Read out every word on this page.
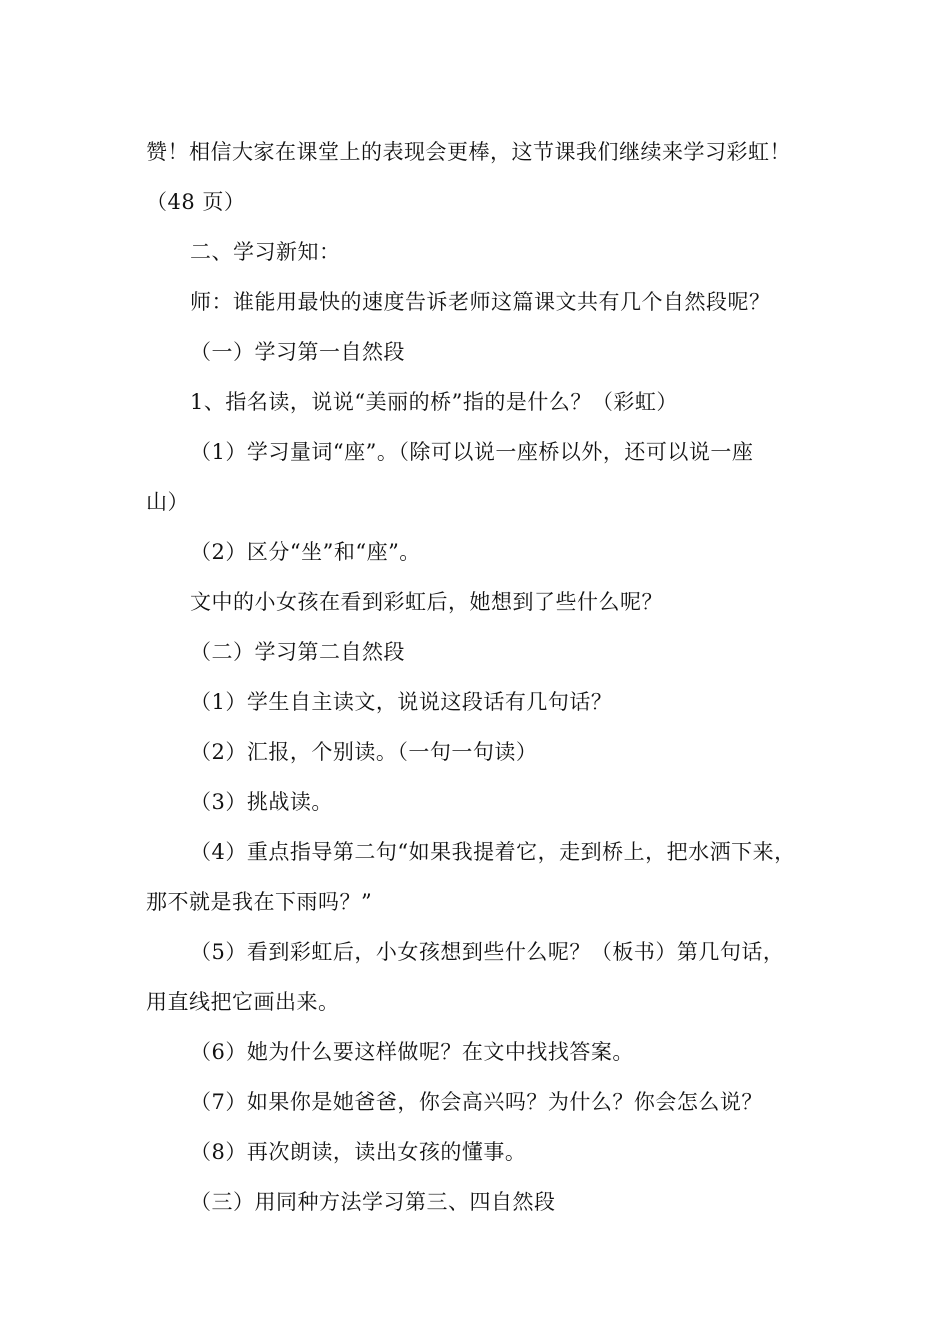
赞！相信大家在课堂上的表现会更棒，这节课我们继续来学习彩虹！
（48 页）
二、学习新知：
师：谁能用最快的速度告诉老师这篇课文共有几个自然段呢？
（一）学习第一自然段
1、指名读，说说“美丽的桥”指的是什么？（彩虹）
（1）学习量词“座”。（除可以说一座桥以外，还可以说一座
山）
（2）区分“坐”和“座”。
文中的小女孩在看到彩虹后，她想到了些什么呢？
（二）学习第二自然段
（1）学生自主读文，说说这段话有几句话？
（2）汇报，个别读。（一句一句读）
（3）挑战读。
（4）重点指导第二句“如果我提着它，走到桥上，把水洒下来，
那不就是我在下雨吗？”
（5）看到彩虹后，小女孩想到些什么呢？（板书）第几句话，
用直线把它画出来。
（6）她为什么要这样做呢？在文中找找答案。
（7）如果你是她爸爸，你会高兴吗？为什么？你会怎么说？
（8）再次朗读，读出女孩的懂事。
（三）用同种方法学习第三、四自然段
